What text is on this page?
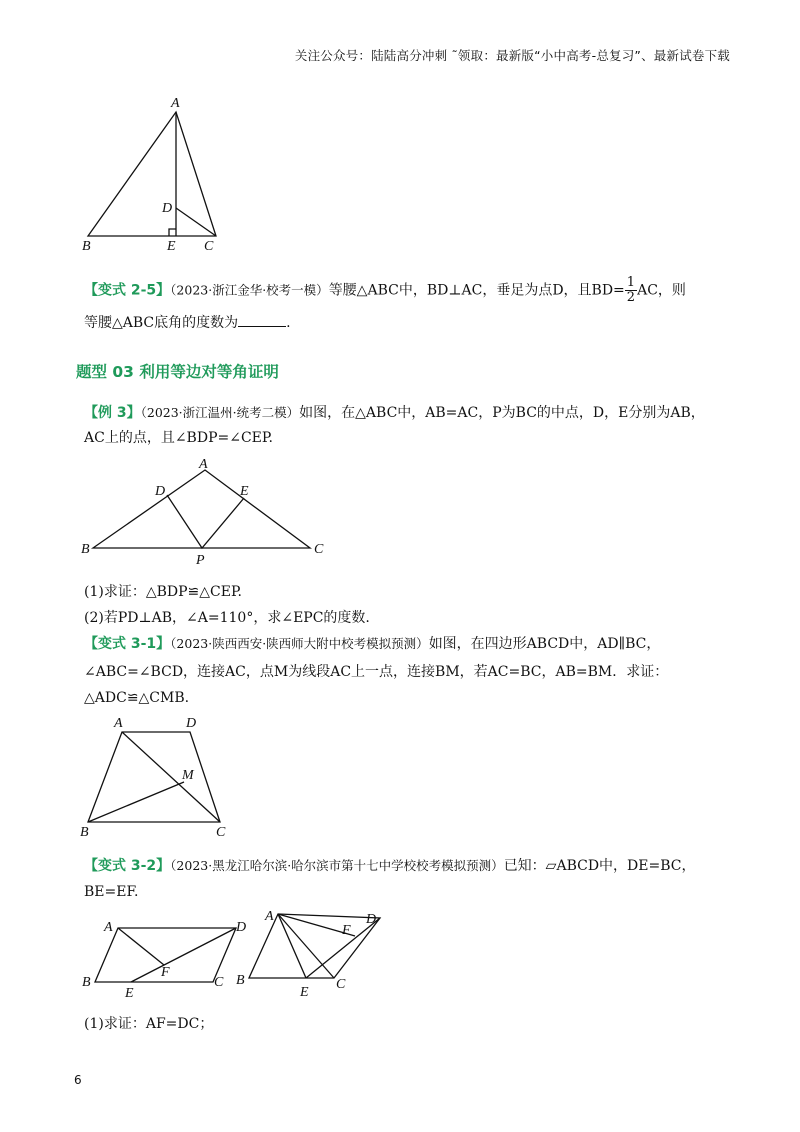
关注公众号：陆陆高分冲刺 ˜领取：最新版“小中高考-总复习”、最新试卷下载
A
B	C
D
E
【变式 2-5】（2023·浙江金华·校考一模）等腰△ABC中，BD⊥AC，垂足为点D，且$BD= \frac{1}{2}$ AC，则
等腰△ABC底角的度数为	.
题型 03 利用等边对等角证明
【例 3】（2023·浙江温州·统考二模）如图，在△ABC中，AB=AC，P为BC的中点，D，E分别为AB，
AC上的点，且∠BDP=∠CEP.
A
B	C
D	E
P
(1)求证：△BDP≌△CEP.
(2)若PD⊥AB，∠A=110°，求∠EPC的度数.
【变式 3-1】（2023·陕西西安·陕西师大附中校考模拟预测）如图，在四边形ABCD中，AD∥BC，
∠ABC=∠BCD，连接AC，点M为线段AC上一点，连接BM，若AC=BC，AB=BM．求证：
△ADC≌△CMB.
A
B	C
D
M
【变式 3-2】（2023·黑龙江哈尔滨·哈尔滨市第十七中学校校考模拟预测）已知：▱ABCD中，DE=BC，
BE=EF.
A
B	C
D
E
F
A
B	C
D
E
F
(1)求证：AF=DC；
6
